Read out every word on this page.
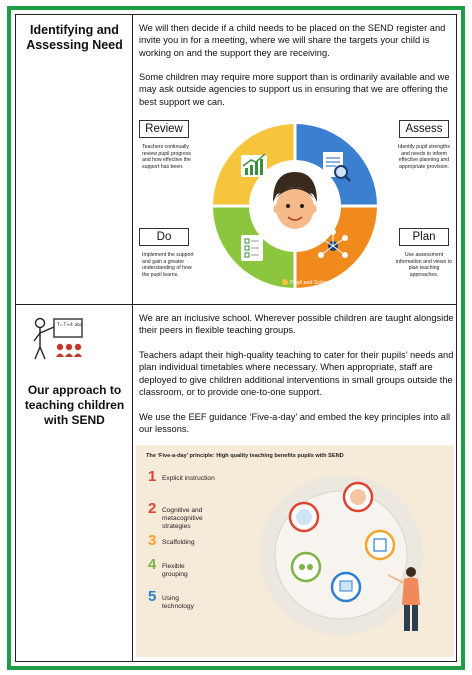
Identifying and Assessing Need

We will then decide if a child needs to be placed on the SEND register and invite you in for a meeting, where we will share the targets your child is working on and the support they are receiving.

Some children may require more support than is ordinarily available and we may ask outside agencies to support us in ensuring that we are offering the best support we can.

Pupil and School Support
Review
Teachers continually review pupil progress and how effective the support has been.
Assess
Identify pupil strengths and needs to inform effective planning and appropriate provision.
Do
Implement the support and gain a greater understanding of how the pupil learns.
Plan
Use assessment information and views to plan teaching approaches.
T=T+4 abc
Our approach to teaching children with SEND

We are an inclusive school. Wherever possible children are taught alongside their peers in flexible teaching groups.

Teachers adapt their high-quality teaching to cater for their pupils’ needs and plan individual timetables where necessary. When appropriate, staff are deployed to give children additional interventions in small groups outside the classroom, or to provide one-to-one support.

We use the EEF guidance ‘Five-a-day’ and embed the key principles into all our lessons.

The ‘Five-a-day’ principle: High quality teaching benefits pupils with SEND
1 Explicit instruction
2 Cognitive and metacognitive strategies
3 Scaffolding
4 Flexible grouping
5 Using technology
